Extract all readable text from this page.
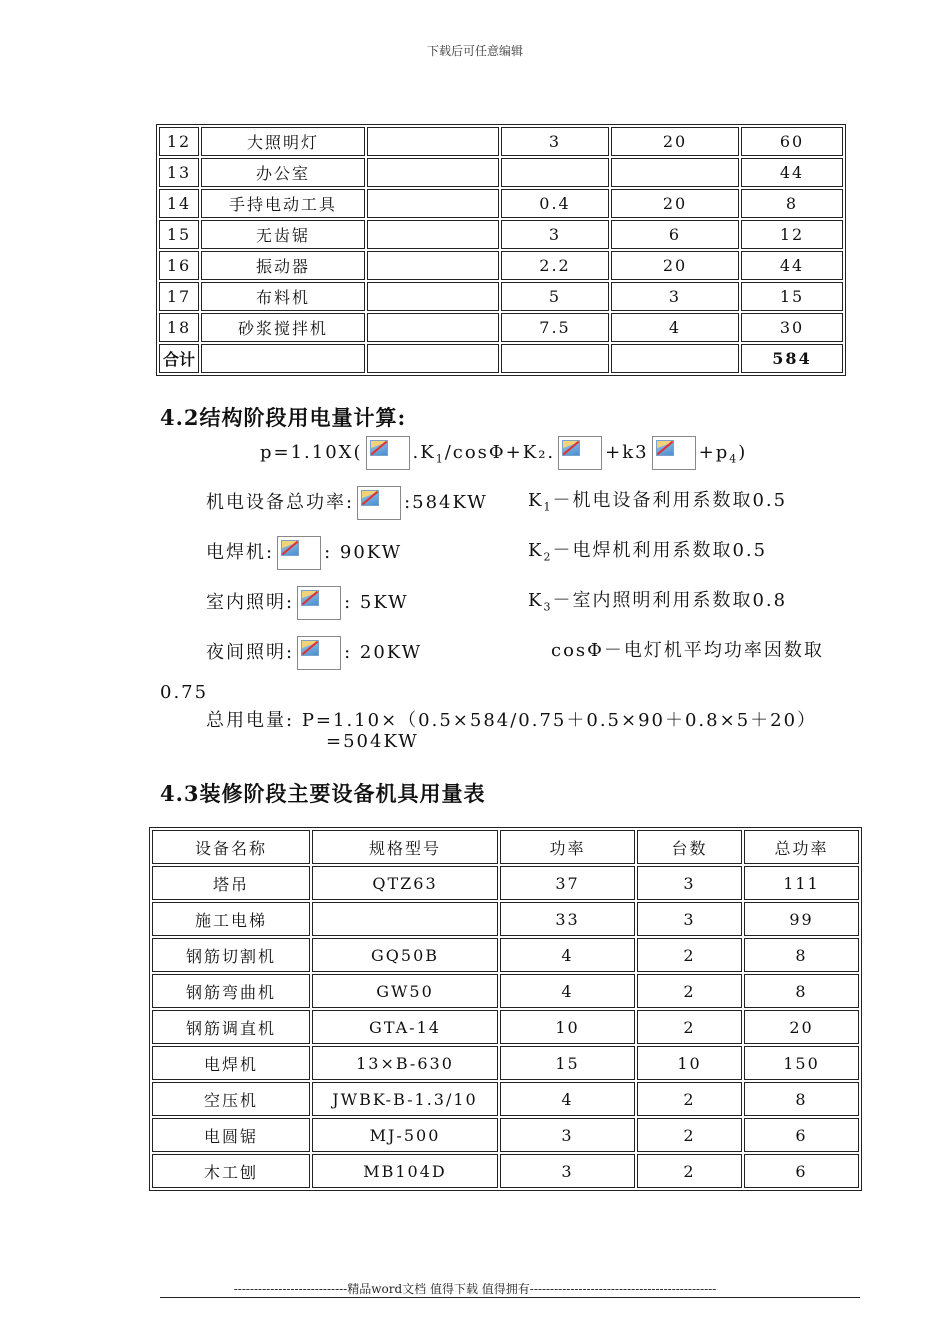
下载后可任意编辑
12	大照明灯		3	20	60
13	办公室				44
14	手持电动工具		0.4	20	8
15	无齿锯		3	6	12
16	振动器		2.2	20	44
17	布料机		5	3	15
18	砂浆搅拌机		7.5	4	30
合计					584
4.2结构阶段用电量计算:
p=1.10X(	$.K_1/\cos\Phi+K_2$.	+k3	$+p_4$)
机电设备总功率:	:584KW $K_1-$机电设备利用系数取0.5
电焊机:	: 90KW	$K_2-$电焊机利用系数取0.5
室内照明:	: 5KW	$K_3-$室内照明利用系数取0.8
夜间照明:	: 20KW	cosΦ－电灯机平均功率因数取
0.75
总用电量: P=1.10×（0.5×584/0.75＋0.5×90＋0.8×5＋20）
=504KW
4.3装修阶段主要设备机具用量表
设备名称	规格型号	功率	台数	总功率
塔吊	QTZ63	37	3	111
施工电梯		33	3	99
钢筋切割机	GQ50B	4	2	8
钢筋弯曲机	GW50	4	2	8
钢筋调直机	GTA-14	10	2	20
电焊机	13×B-630	15	10	150
空压机	JWBK-B-1.3/10	4	2	8
电圆锯	MJ-500	3	2	6
木工刨	MB104D	3	2	6
----------------------------精品word文档 值得下载 值得拥有----------------------------------------------
